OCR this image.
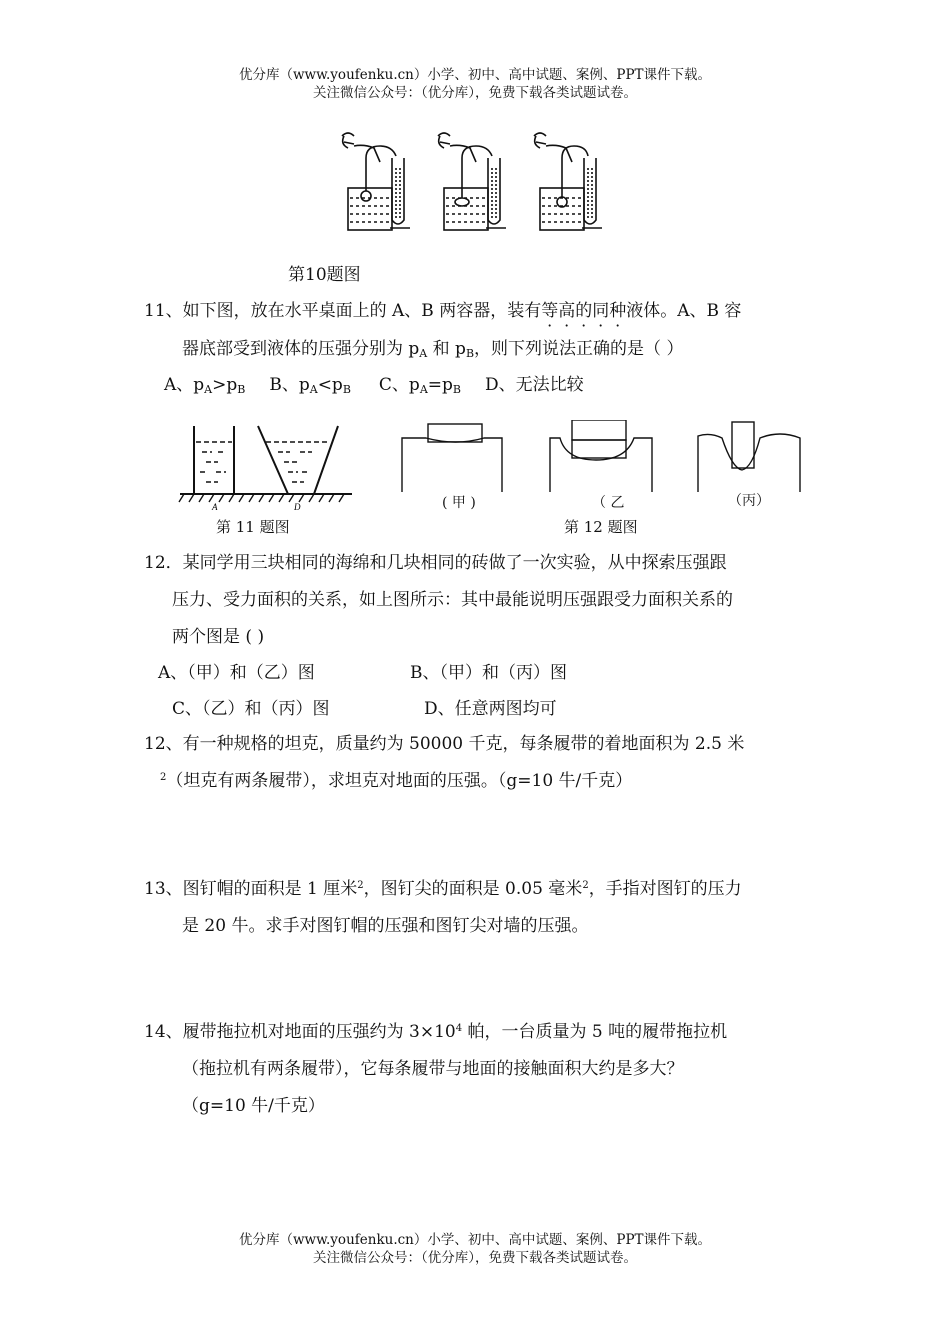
优分库（www.youfenku.cn）小学、初中、高中试题、案例、PPT课件下载。
关注微信公众号：（优分库），免费下载各类试题试卷。
第10题图
11、如下图，放在水平桌面上的 A、B 两容器，装有等高的同种液体。A、B 容
器底部受到液体的压强分别为 $p_A$ 和 $p_B$，则下列说法正确的是（ ）
A、$p_A>p_B$ B、$p_A<p_B$ C、$p_A=p_B$ D、无法比较
A	D	( 甲 )	（ 乙	（丙）
第 11 题图	第 12 题图
12．某同学用三块相同的海绵和几块相同的砖做了一次实验，从中探索压强跟
压力、受力面积的关系，如上图所示：其中最能说明压强跟受力面积关系的
两个图是 ( )
A、（甲）和（乙）图	B、（甲）和（丙）图
C、（乙）和（丙）图	D、任意两图均可
12、有一种规格的坦克，质量约为 50000 千克，每条履带的着地面积为 2.5 米
$^2$（坦克有两条履带），求坦克对地面的压强。（g=10 牛/千克）
13、图钉帽的面积是 1 厘米$^2$，图钉尖的面积是 0.05 毫米$^2$，手指对图钉的压力
是 20 牛。求手对图钉帽的压强和图钉尖对墙的压强。
14、履带拖拉机对地面的压强约为 $3\times 10^4$ 帕，一台质量为 5 吨的履带拖拉机
（拖拉机有两条履带），它每条履带与地面的接触面积大约是多大？
（g=10 牛/千克）
优分库（www.youfenku.cn）小学、初中、高中试题、案例、PPT课件下载。
关注微信公众号：（优分库），免费下载各类试题试卷。
